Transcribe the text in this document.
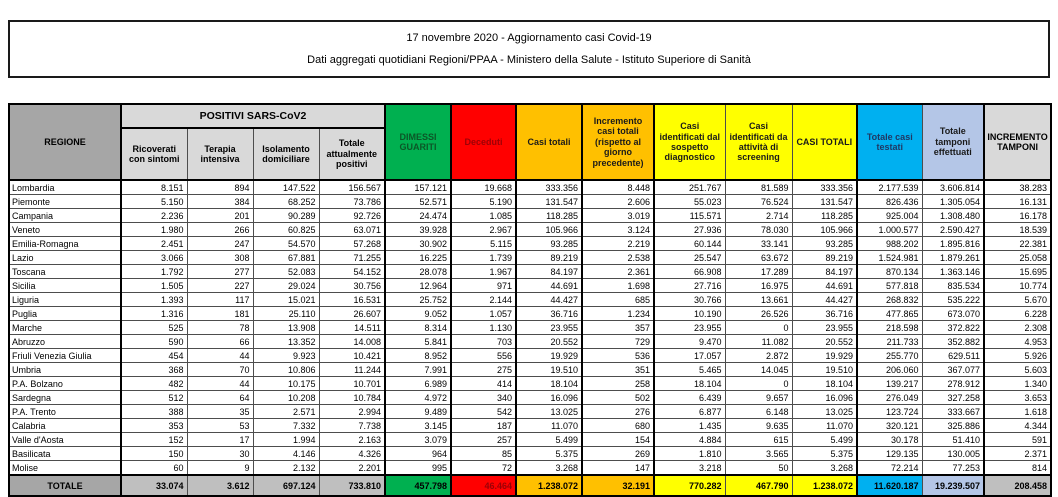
17 novembre 2020 - Aggiornamento casi Covid-19
Dati aggregati quotidiani Regioni/PPAA - Ministero della Salute - Istituto Superiore di Sanità
REGIONE	POSITIVI SARS-CoV2				DIMESSI GUARITI	Deceduti	Casi totali	Incremento casi totali (rispetto al giorno precedente)	Casi identificati dal sospetto diagnostico	Casi identificati da attività di screening	CASI TOTALI	Totale casi testati	Totale tamponi effettuati	INCREMENTO TAMPONI
	Ricoverati con sintomi	Terapia intensiva	Isolamento domiciliare	Totale attualmente positivi										
Lombardia	8.151	894	147.522	156.567	157.121	19.668	333.356	8.448	251.767	81.589	333.356	2.177.539	3.606.814	38.283
Piemonte	5.150	384	68.252	73.786	52.571	5.190	131.547	2.606	55.023	76.524	131.547	826.436	1.305.054	16.131
Campania	2.236	201	90.289	92.726	24.474	1.085	118.285	3.019	115.571	2.714	118.285	925.004	1.308.480	16.178
Veneto	1.980	266	60.825	63.071	39.928	2.967	105.966	3.124	27.936	78.030	105.966	1.000.577	2.590.427	18.539
Emilia-Romagna	2.451	247	54.570	57.268	30.902	5.115	93.285	2.219	60.144	33.141	93.285	988.202	1.895.816	22.381
Lazio	3.066	308	67.881	71.255	16.225	1.739	89.219	2.538	25.547	63.672	89.219	1.524.981	1.879.261	25.058
Toscana	1.792	277	52.083	54.152	28.078	1.967	84.197	2.361	66.908	17.289	84.197	870.134	1.363.146	15.695
Sicilia	1.505	227	29.024	30.756	12.964	971	44.691	1.698	27.716	16.975	44.691	577.818	835.534	10.774
Liguria	1.393	117	15.021	16.531	25.752	2.144	44.427	685	30.766	13.661	44.427	268.832	535.222	5.670
Puglia	1.316	181	25.110	26.607	9.052	1.057	36.716	1.234	10.190	26.526	36.716	477.865	673.070	6.228
Marche	525	78	13.908	14.511	8.314	1.130	23.955	357	23.955	0	23.955	218.598	372.822	2.308
Abruzzo	590	66	13.352	14.008	5.841	703	20.552	729	9.470	11.082	20.552	211.733	352.882	4.953
Friuli Venezia Giulia	454	44	9.923	10.421	8.952	556	19.929	536	17.057	2.872	19.929	255.770	629.511	5.926
Umbria	368	70	10.806	11.244	7.991	275	19.510	351	5.465	14.045	19.510	206.060	367.077	5.603
P.A. Bolzano	482	44	10.175	10.701	6.989	414	18.104	258	18.104	0	18.104	139.217	278.912	1.340
Sardegna	512	64	10.208	10.784	4.972	340	16.096	502	6.439	9.657	16.096	276.049	327.258	3.653
P.A. Trento	388	35	2.571	2.994	9.489	542	13.025	276	6.877	6.148	13.025	123.724	333.667	1.618
Calabria	353	53	7.332	7.738	3.145	187	11.070	680	1.435	9.635	11.070	320.121	325.886	4.344
Valle d'Aosta	152	17	1.994	2.163	3.079	257	5.499	154	4.884	615	5.499	30.178	51.410	591
Basilicata	150	30	4.146	4.326	964	85	5.375	269	1.810	3.565	5.375	129.135	130.005	2.371
Molise	60	9	2.132	2.201	995	72	3.268	147	3.218	50	3.268	72.214	77.253	814
TOTALE	33.074	3.612	697.124	733.810	457.798	46.464	1.238.072	32.191	770.282	467.790	1.238.072	11.620.187	19.239.507	208.458
